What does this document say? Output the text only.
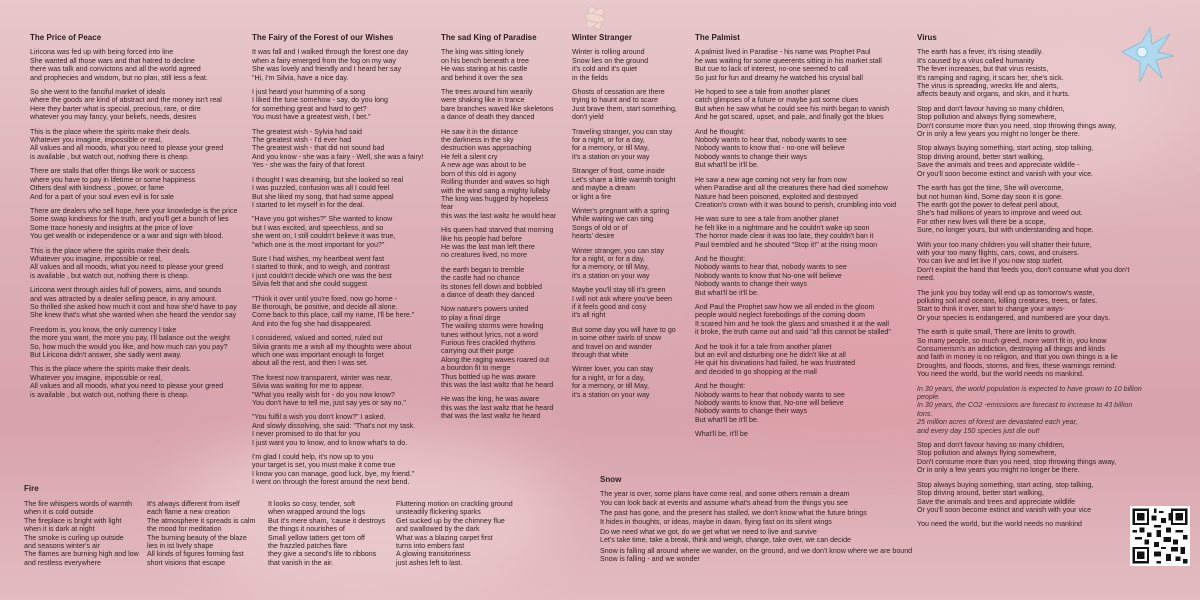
The Price of Peace

Liricona was fed up with being forced into line
She wanted all those wars and that hatred to decline
there was talk and convictons and all the world agreed
and prophecies and wisdom, but no plan, still less a feat.

So she went to the fanciful market of ideals
where the goods are kind of abstract and the money isn't real
Here they barter what is special, precious, rare, or dire
whatever you may fancy, your beliefs, needs, desires

This is the place where the spirits make their deals.
Whatever you imagine, impossible or real,
All values and all moods, what you need to please your greed
is available , but watch out, nothing there is cheap.

There are stalls that offer things like work or success
where you have to pay in lifetime or some happiness
Others deal with kindness , power, or fame
And for a part of your soul even evil is for sale

There are dealers who sell hope, here your knowledge is the price
Some swap kindness for the truth, and you'll get a bunch of lies
Some trace honesty and insights at the price of love
You get wealth or independence or a war and sign with blood.

This is the place where the spirits make their deals.
Whatever you imagine, impossible or real,
All values and all moods, what you need to please your greed
is available , but watch out, nothing there is cheap.

Liricona went through aisles full of powers, aims, and sounds
and was attracted by a dealer selling peace, in any amount.
So thrilled she asked how much it cost and how she'd have to pay
She knew that's what she wanted when she heard the vendor say

Freedom is, you know, the only currency I take
the more you want, the more you pay, I'll balance out the weight
So, how much the would you like, and how much can you pay?
But Liricona didn't answer, she sadly went away.

This is the place where the spirits make their deals.
Whatever you imagine, impossible or real,
All values and all moods, what you need to please your greed
is available , but watch out, nothing there is cheap.

The Fairy of the Forest of our Wishes

It was fall and I walked through the forest one day
when a fairy emerged from the fog on my way
She was lovely and friendly and I heard her say
"Hi, I'm Silvia, have a nice day.

I just heard your humming of a song
I liked the tune somehow - say, do you long
for something great and hard to get?
You must have a greatest wish, I bet."

The greatest wish - Sylvia had said
The greatest wish - I'd ever had
The greatest wish - that did not sound bad
And you know - she was a fairy - Well, she was a fairy!
Yes - she was the fairy of that forest

I thought I was dreaming, but she looked so real
I was puzzled, confusion was all I could feel
But she liked my song, that had some appeal
I started to let myself in for the deal.

"Have you got wishes?" She wanted to know
but I was excited, and speechless, and so
she went on, I still couldn't believe it was true,
"which one is the most important for you?"

Sure I had wishes, my heartbeat went fast
I started to think, and to weigh, and contrast
I just couldn't decide which one was the best
Silvia felt that and she could suggest

"Think it over until you're fixed, now go home -
Be thorough, be positive, and decide all alone.
Come back to this place, call my name, I'll be here."
And into the fog she had disappeared.

I considered, valued and sorted, ruled out
Silvia grants me a wish all my thoughts were about
which one was important enough to forget
about all the rest, and then I was set.

The forest now transparent, winter was near,
Silvia was waiting for me to appear.
"What you really wish for - do you now know?
You don't have to tell me, just say yes or say no."

"You fulfil a wish you don't know?" I asked.
And slowly dissolving, she said: "That's not my task.
I never promised to do that for you
I just want you to know, and to know what's to do.

I'm glad I could help, it's now up to you
your target is set, you must make it come true
I know you can manage, good luck, bye, my friend."
I went on through the forest around the next bend.

The sad King of Paradise

The king was sitting lonely
on his bench beneath a tree
He was staring at his castle
and behind it over the sea

The trees around him wearily
were shaking like in trance
bare branches waved like skeletons
a dance of death they danced

He saw it in the distance
the darkness in the sky
destruction was approaching
He felt a silent cry
A new age was about to be
born of this old in agony
Rolling thunder and waves so high
with the wind sang a mighty lullaby
The king was hugged by hopeless
fear
this was the last waltz he would hear

His queen had starved that morning
like his people had before
He was the last man left there
no creatures lived, no more

the earth began to tremble
the castle had no chance
its stones fell down and bobbled
a dance of death they danced

Now nature's powers united
to play a final dirge
The wailing storms were howling
tunes without lyrics, not a word
Furious fires crackled rhythms
carrying out their purge
Along the raging waves roared out
a bourdon fit to merge
Thus bottled up he was aware
this was the last waltz that he heard

He was the king, he was aware
this was the last waltz that he heard
that was the last waltz he heard

Winter Stranger

Winter is rolling around
Snow lies on the ground
it's cold and it's quiet
in the fields

Ghosts of cessation are there
trying to haunt and to scare
Just brave them, start something,
don't yield

Traveling stranger, you can stay
for a night, or for a day,
for a memory, or till May,
it's a station on your way

Stranger of frost, come inside
Let's share a little warmth tonight
and maybe a dream
or light a fire

Winter's pregnant with a spring
While waiting we can sing
Songs of old or of
hearts' desire

Winter stranger, you can stay
for a night, or for a day,
for a memory, or till May,
it's a station on your way

Maybe you'll stay till it's green
I will not ask where you've been
if it feels good and cosy
it's all right

But some day you will have to go
in some other swirls of snow
and travel on and wander
through that white

Winter lover, you can stay
for a night, or for a day,
for a memory, or till May,
it's a station on your way

The Palmist

A palmist lived in Paradise - his name was Prophet Paul
he was waiting for some queerents sitting in his market stall
But cue to lack of interest, no-one seemed to call
So just for fun and dreamy he watched his crystal ball

He hoped to see a tale from another planet
catch glimpses of a future or maybe just some clues
But when he saw what he could see his mirth began to vanish
And he got scared, upset, and pale, and finally got the blues

And he thought:
Nobody wants to hear that, nobody wants to see
Nobody wants to know that - no-one will believe
Nobody wants to change their ways
But what'll be it'll be.

He saw a new age coming not very far from now
when Paradise and all the creatures there had died somehow
Nature had been poisoned, exploited and destroyed
Creation's crown with it was bound to perish, crumbling into void

He was sure to see a tale from another planet
he felt like in a nightmare and he couldn't wake up soon
The horror made clear it was too late, they couldn't ban it
Paul trembled and he shouted "Stop it!" at the rising moon

And he thought:
Nobody wants to hear that, nobody wants to see
Nobody wants to know that No-one will believe
Nobody wants to change their ways
But what'll be it'll be.

And Paul the Prophet saw how we all ended in the gloom
people would neglect forebodings of the coming doom
It scared him and he took the glass and smashed it at the wall
it broke, the truth came out and said "all this cannot be stalled"

And he took it for a tale from another planet
but an evil and disturbing one he didn't like at all
He quit his divinations had failed, he was frustrated
and decided to go shopping at the mall

And he thought:
Nobody wants to hear that nobody wants to see
Nobody wants to know that, No-one will believe
Nobody wants to change their ways
But what'll be it'll be.

What'll be, it'll be

Virus

The earth has a fever, it's rising steadily.
It's caused by a virus called humanity
The fever increases, but that virus resists,
It's ramping and raging, it scars her, she's sick.
The virus is spreading, wrecks life and alerts,
affects beauty and organs, and skin, and it hurts.

Stop and don't favour having so many children,
Stop pollution and always flying somewhere,
Don't consume more than you need, stop throwing things away,
Or in only a few years you might no longer be there.

Stop always buying something, start acting, stop talking,
Stop driving around, better start walking,
Save the animals and trees and appreciate wildlife -
Or you'll soon become extinct and vanish with your vice.

The earth has got the time, She will overcome,
but not human kind, Some day soon it is gone.
The earth got the power to defeat peril about,
She's had millions of years to improve and weed out.
For other new lives will there be a scope,
Sure, no longer yours, but with understanding and hope.

With your too many children you will shatter their future,
with your too many flights, cars, cows, and cruisers.
You can live and let live if you now stop surfeit.
Don't exploit the hand that feeds you, don't consume what you don't need.

The junk you buy today will end up as tomorrow's waste,
polluting soil and oceans, killing creatures, trees, or fates.
Start to think it over, start to change your ways-
Or your species is endangered, and numbered are your days.

The earth is quite small, There are limits to growth.
So many people, so much greed, more won't fit in, you know
Consumerism's an addiction, destroying all things and kinds
and faith in money is no religion, and that you own things is a lie
Droughts, and floods, storms, and fires, these warnings remind:
You need the world, but the world needs no mankind.

In 30 years, the world population is expected to have grown to 10 billion people.

In 30 years, the CO2 -emissions are forecast to increase to 43 billion tons.

25 million acres of forest are devastated each year,

and every day 150 species just die out!

Stop and don't favour having so many children,
Stop pollution and always flying somewhere,
Don't consume more than you need, stop throwing things away,
Or in only a few years you might no longer be there.

Stop always buying something, start acting, stop talking,
Stop driving around, better start walking,
Save the animals and trees and appreciate wildlife
Or you'll soon become extinct and vanish with your vice

You need the world, but the world needs no mankind

Fire

The fire whispers words of warmth
when it is cold outside
The fireplace is bright with light
when it is dark at night
The smoke is curling up outside
and seasons winter's air
The flames are burning high and low
and restless everywhere

It's always different from itself
each flame a new creation
The atmosphere it spreads is calm
the mood for meditation
The burning beauty of the blaze
lies in ist lively shape
All kinds of figures forming fast
short visions that escape

It looks so cosy, tender, soft
when wrapped around the logs
But it's mere sham, 'cause it destroys
the things it nourishes of
Small yellow tatters get torn off
the frazzled patches flare
they give a second's life to ribbons
that vanish in the air.

Fluttering motion on crackling ground
unsteadily flickering sparks
Get sucked up by the chimney flue
and swallowed by the dark
What was a blazing carpet first
turns into embers fast
A glowing transitoriness
just ashes left to last.

Snow

The year is over, some plans have come real, and some others remain a dream
You can look back at events and assume what's ahead from the things you see

The past has gone, and the present has stalled, we don't know what the future brings
It hides in thoughts, or ideas, maybe in dawn, flying fast on its silent wings

Do we need what we got, do we get what we need to live and survive
Let's take time, take a break, think and weigh, change, take over, we can decide

Snow is falling all around where we wander, on the ground, and we don't know where we are bound
Snow is falling - and we wonder
